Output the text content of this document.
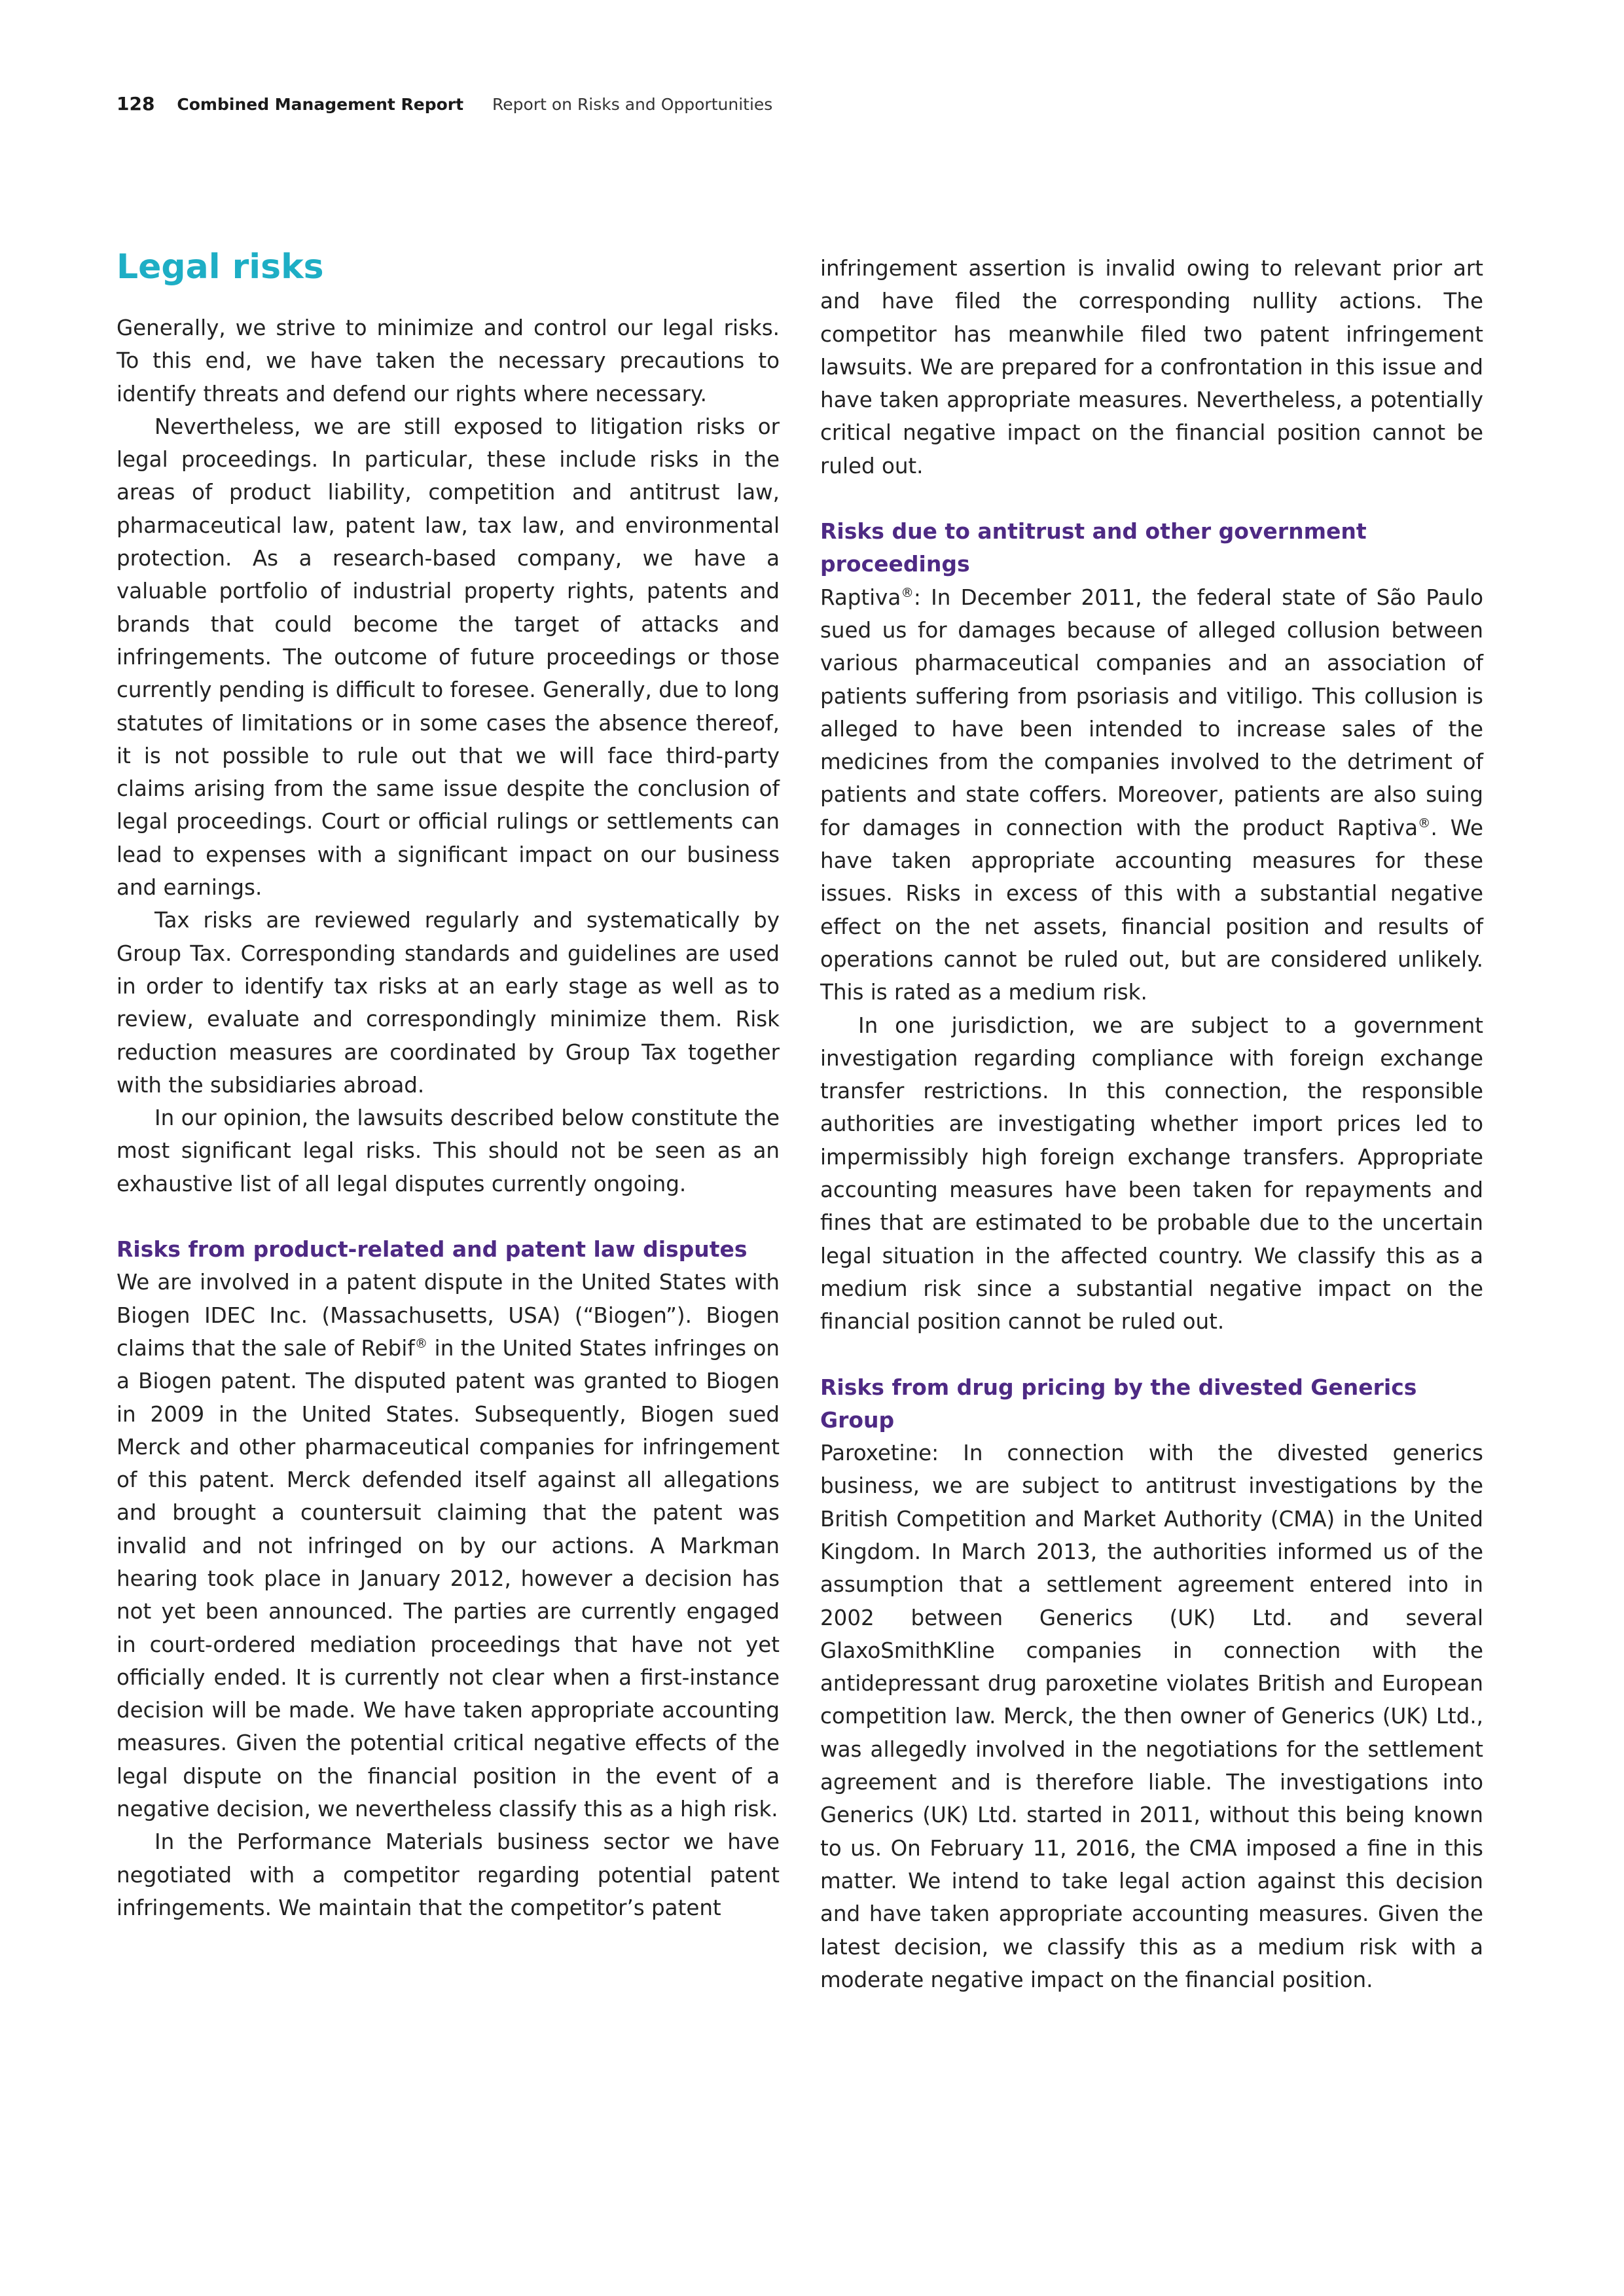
128 Combined Management Report Report on Risks and Opportunities
Legal risks

Generally, we strive to minimize and control our legal risks. To this end, we have taken the necessary precautions to identify threats and defend our rights where necessary.

Nevertheless, we are still exposed to litigation risks or legal proceedings. In particular, these include risks in the areas of product liability, competition and antitrust law, pharmaceutical law, patent law, tax law, and environmental protection. As a research-based company, we have a valuable portfolio of industrial property rights, patents and brands that could become the target of attacks and infringements. The outcome of future proceedings or those currently pending is difficult to foresee. Generally, due to long statutes of limitations or in some cases the absence thereof, it is not possible to rule out that we will face third-party claims arising from the same issue despite the conclusion of legal proceedings. Court or official rulings or settlements can lead to expenses with a significant impact on our business and earnings.

Tax risks are reviewed regularly and systematically by Group Tax. Corresponding standards and guidelines are used in order to identify tax risks at an early stage as well as to review, evaluate and correspondingly minimize them. Risk reduction measures are coordinated by Group Tax together with the subsidiaries abroad.

In our opinion, the lawsuits described below constitute the most significant legal risks. This should not be seen as an exhaustive list of all legal disputes currently ongoing.

Risks from product-related and patent law disputes

We are involved in a patent dispute in the United States with Biogen IDEC Inc. (Massachusetts, USA) (“Biogen”). Biogen claims that the sale of Rebif® in the United States infringes on a Biogen patent. The disputed patent was granted to Biogen in 2009 in the United States. Subsequently, Biogen sued Merck and other pharmaceutical companies for infringement of this patent. Merck defended itself against all allegations and brought a countersuit claiming that the patent was invalid and not infringed on by our actions. A Markman hearing took place in January 2012, however a decision has not yet been announced. The parties are currently engaged in court-ordered mediation proceedings that have not yet officially ended. It is currently not clear when a first-instance decision will be made. We have taken appropriate accounting measures. Given the potential critical negative effects of the legal dispute on the financial position in the event of a negative decision, we nevertheless classify this as a high risk.

In the Performance Materials business sector we have negotiated with a competitor regarding potential patent infringements. We maintain that the competitor’s patent

infringement assertion is invalid owing to relevant prior art and have filed the corresponding nullity actions. The competitor has meanwhile filed two patent infringement lawsuits. We are prepared for a confrontation in this issue and have taken appropriate measures. Nevertheless, a potentially critical negative impact on the financial position cannot be ruled out.

Risks due to antitrust and other government proceedings

Raptiva®: In December 2011, the federal state of São Paulo sued us for damages because of alleged collusion between various pharmaceutical companies and an association of patients suffering from psoriasis and vitiligo. This collusion is alleged to have been intended to increase sales of the medicines from the companies involved to the detriment of patients and state coffers. Moreover, patients are also suing for damages in connection with the product Raptiva®. We have taken appropriate accounting measures for these issues. Risks in excess of this with a substantial negative effect on the net assets, financial position and results of operations cannot be ruled out, but are considered unlikely. This is rated as a medium risk.

In one jurisdiction, we are subject to a government investigation regarding compliance with foreign exchange transfer restrictions. In this connection, the responsible authorities are investigating whether import prices led to impermissibly high foreign exchange transfers. Appropriate accounting measures have been taken for repayments and fines that are estimated to be probable due to the uncertain legal situation in the affected country. We classify this as a medium risk since a substantial negative impact on the financial position cannot be ruled out.

Risks from drug pricing by the divested Generics Group

Paroxetine: In connection with the divested generics business, we are subject to antitrust investigations by the British Competition and Market Authority (CMA) in the United Kingdom. In March 2013, the authorities informed us of the assumption that a settlement agreement entered into in 2002 between Generics (UK) Ltd. and several GlaxoSmithKline companies in connection with the antidepressant drug paroxetine violates British and European competition law. Merck, the then owner of Generics (UK) Ltd., was allegedly involved in the negotiations for the settlement agreement and is therefore liable. The investigations into Generics (UK) Ltd. started in 2011, without this being known to us. On February 11, 2016, the CMA imposed a fine in this matter. We intend to take legal action against this decision and have taken appropriate accounting measures. Given the latest decision, we classify this as a medium risk with a moderate negative impact on the financial position.
